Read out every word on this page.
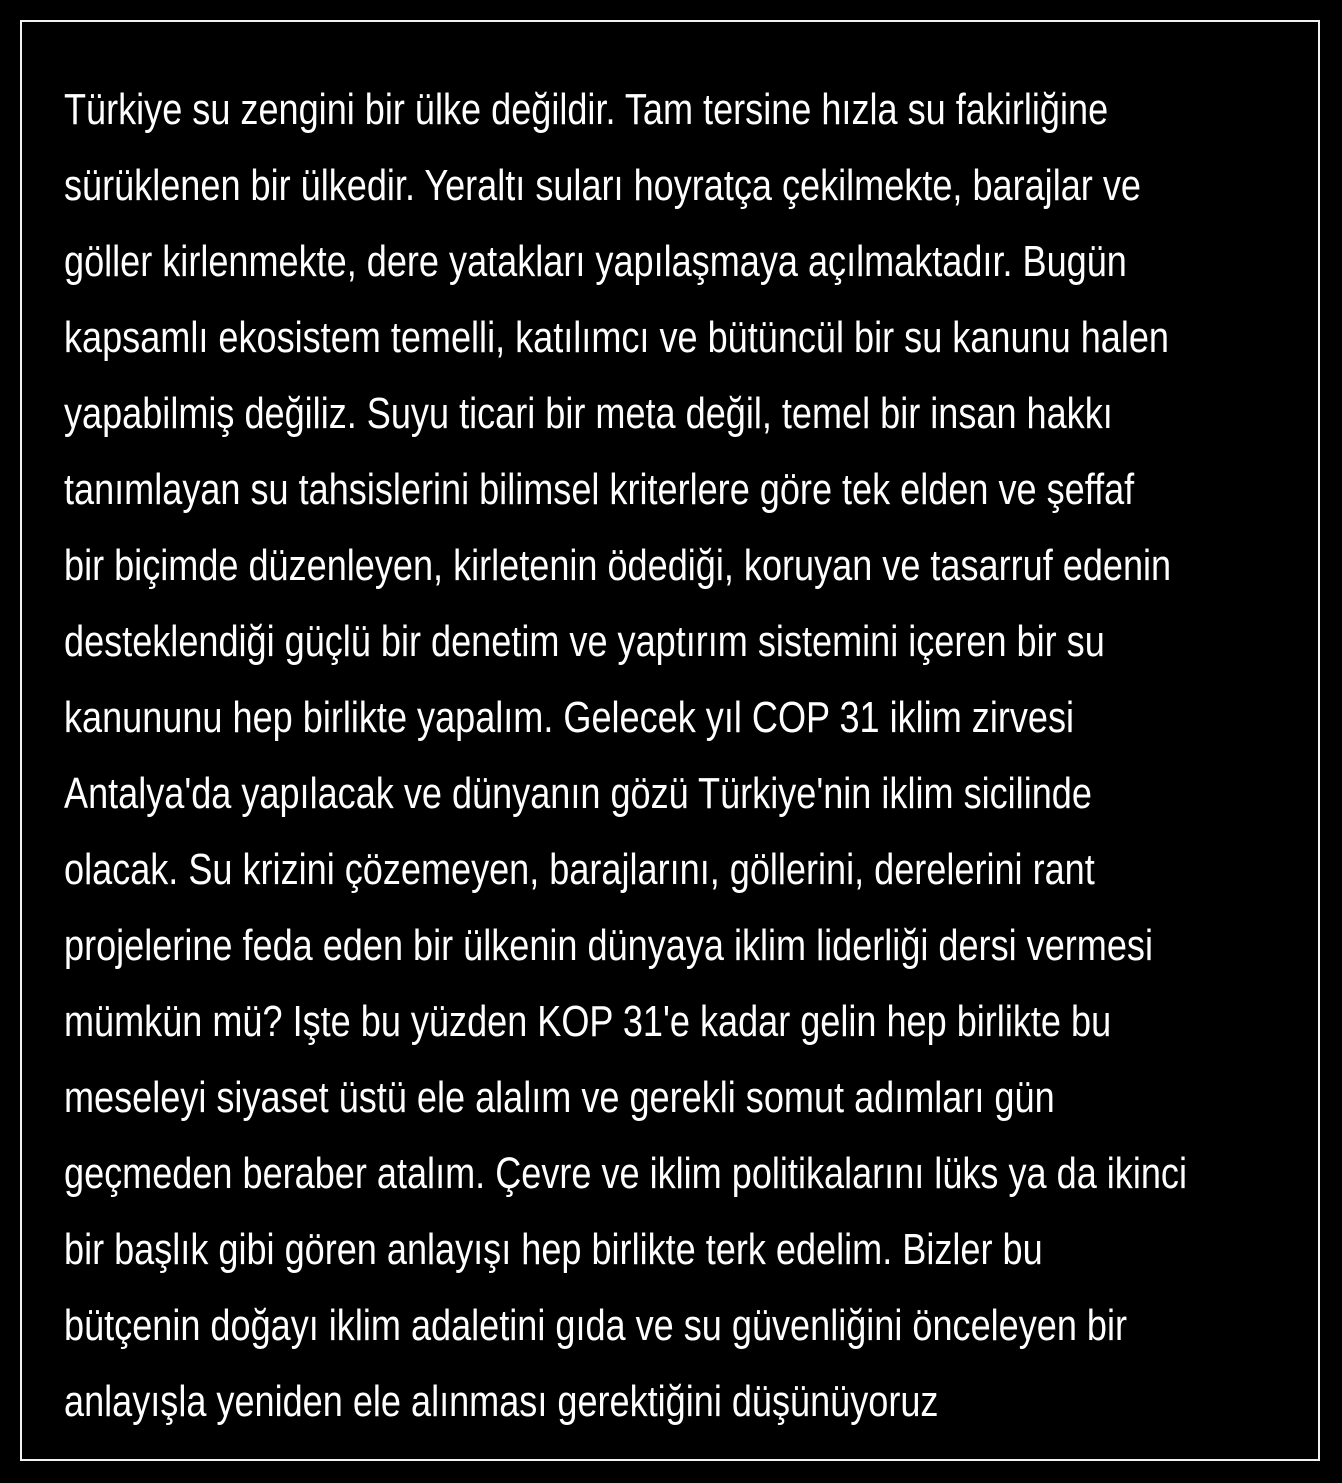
Türkiye su zengini bir ülke değildir. Tam tersine hızla su fakirliğine
sürüklenen bir ülkedir. Yeraltı suları hoyratça çekilmekte, barajlar ve
göller kirlenmekte, dere yatakları yapılaşmaya açılmaktadır. Bugün
kapsamlı ekosistem temelli, katılımcı ve bütüncül bir su kanunu halen
yapabilmiş değiliz. Suyu ticari bir meta değil, temel bir insan hakkı
tanımlayan su tahsislerini bilimsel kriterlere göre tek elden ve şeffaf
bir biçimde düzenleyen, kirletenin ödediği, koruyan ve tasarruf edenin
desteklendiği güçlü bir denetim ve yaptırım sistemini içeren bir su
kanununu hep birlikte yapalım. Gelecek yıl COP 31 iklim zirvesi
Antalya'da yapılacak ve dünyanın gözü Türkiye'nin iklim sicilinde
olacak. Su krizini çözemeyen, barajlarını, göllerini, derelerini rant
projelerine feda eden bir ülkenin dünyaya iklim liderliği dersi vermesi
mümkün mü? Işte bu yüzden KOP 31'e kadar gelin hep birlikte bu
meseleyi siyaset üstü ele alalım ve gerekli somut adımları gün
geçmeden beraber atalım. Çevre ve iklim politikalarını lüks ya da ikinci
bir başlık gibi gören anlayışı hep birlikte terk edelim. Bizler bu
bütçenin doğayı iklim adaletini gıda ve su güvenliğini önceleyen bir
anlayışla yeniden ele alınması gerektiğini düşünüyoruz
